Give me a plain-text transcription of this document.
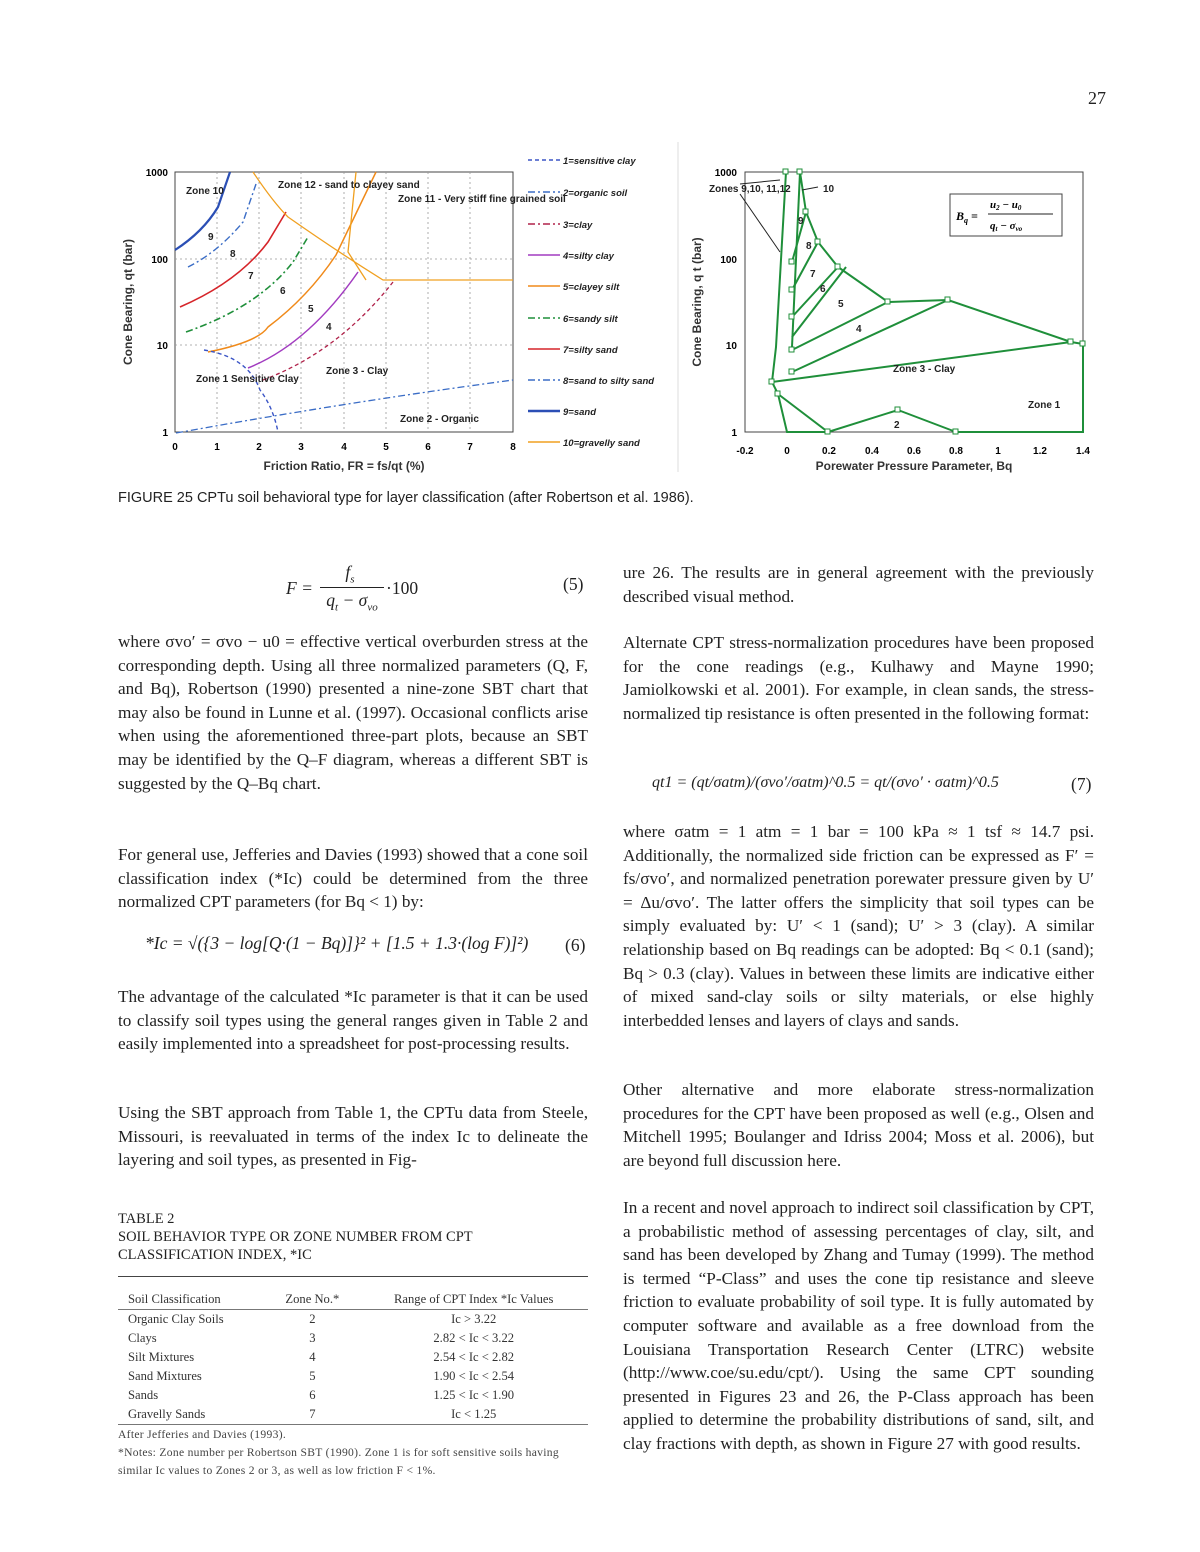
27
1000
100
10
1
0	1	2	3	4	5	6	7	8
Friction Ratio, FR = fs/qt (%)
Cone Bearing, qt (bar)
Zone 10
Zone 12 - sand to clayey sand
Zone 11 - Very stiff fine grained soil
9
8
7
6
5
4
Zone 1 Sensitive Clay
Zone 3 - Clay
Zone 2 - Organic
1=sensitive clay
2=organic soil
3=clay
4=silty clay
5=clayey silt
6=sandy silt
7=silty sand
8=sand to silty sand
9=sand
10=gravelly sand
1000
100
10
1
-0.2	0	0.2	0.4	0.6	0.8	1	1.2	1.4
Porewater Pressure Parameter, Bq
Cone Bearing, q t (bar)
Zones 9,10, 11,12	10
9
8
7
6
5
4
Zone 3 - Clay
2
Zone 1
$B_q$ =
u2 − u0
qt − σvo
FIGURE 25 CPTu soil behavioral type for layer classification (after Robertson et al. 1986).
F =
$f_s$
$q_t - \sigma_{vo}$
·100	(5)

where σvo′ = σvo − u0 = effective vertical overburden stress at the corresponding depth. Using all three normalized parameters (Q, F, and Bq), Robertson (1990) presented a nine-zone SBT chart that may also be found in Lunne et al. (1997). Occasional conflicts arise when using the aforementioned three-part plots, because an SBT may be identified by the Q–F diagram, whereas a different SBT is suggested by the Q–Bq chart.

For general use, Jefferies and Davies (1993) showed that a cone soil classification index (*Ic) could be determined from the three normalized CPT parameters (for Bq < 1) by:

*Ic = √({3 − log[Q·(1 − Bq)]}² + [1.5 + 1.3·(log F)]²) (6)

The advantage of the calculated *Ic parameter is that it can be used to classify soil types using the general ranges given in Table 2 and easily implemented into a spreadsheet for post-processing results.

Using the SBT approach from Table 1, the CPTu data from Steele, Missouri, is reevaluated in terms of the index Ic to delineate the layering and soil types, as presented in Fig-

TABLE 2
SOIL BEHAVIOR TYPE OR ZONE NUMBER FROM CPT CLASSIFICATION INDEX, *IC
Soil Classification	Zone No.*	Range of CPT Index *Ic Values
Organic Clay Soils	2	Ic > 3.22
Clays	3	2.82 < Ic < 3.22
Silt Mixtures	4	2.54 < Ic < 2.82
Sand Mixtures	5	1.90 < Ic < 2.54
Sands	6	1.25 < Ic < 1.90
Gravelly Sands	7	Ic < 1.25
After Jefferies and Davies (1993).
*Notes: Zone number per Robertson SBT (1990). Zone 1 is for soft sensitive soils having similar Ic values to Zones 2 or 3, as well as low friction F < 1%.

ure 26. The results are in general agreement with the previously described visual method.

Alternate CPT stress-normalization procedures have been proposed for the cone readings (e.g., Kulhawy and Mayne 1990; Jamiolkowski et al. 2001). For example, in clean sands, the stress-normalized tip resistance is often presented in the following format:

qt1 = (qt/σatm)/(σvo′/σatm)^0.5 = qt/(σvo′ · σatm)^0.5	(7)

where σatm = 1 atm = 1 bar = 100 kPa ≈ 1 tsf ≈ 14.7 psi. Additionally, the normalized side friction can be expressed as F′ = fs/σvo′, and normalized penetration porewater pressure given by U′ = Δu/σvo′. The latter offers the simplicity that soil types can be simply evaluated by: U′ < 1 (sand); U′ > 3 (clay). A similar relationship based on Bq readings can be adopted: Bq < 0.1 (sand); Bq > 0.3 (clay). Values in between these limits are indicative either of mixed sand-clay soils or silty materials, or else highly interbedded lenses and layers of clays and sands.

Other alternative and more elaborate stress-normalization procedures for the CPT have been proposed as well (e.g., Olsen and Mitchell 1995; Boulanger and Idriss 2004; Moss et al. 2006), but are beyond full discussion here.

In a recent and novel approach to indirect soil classification by CPT, a probabilistic method of assessing percentages of clay, silt, and sand has been developed by Zhang and Tumay (1999). The method is termed “P-Class” and uses the cone tip resistance and sleeve friction to evaluate probability of soil type. It is fully automated by computer software and available as a free download from the Louisiana Transportation Research Center (LTRC) website (http://www.coe/su.edu/cpt/). Using the same CPT sounding presented in Figures 23 and 26, the P-Class approach has been applied to determine the probability distributions of sand, silt, and clay fractions with depth, as shown in Figure 27 with good results.
